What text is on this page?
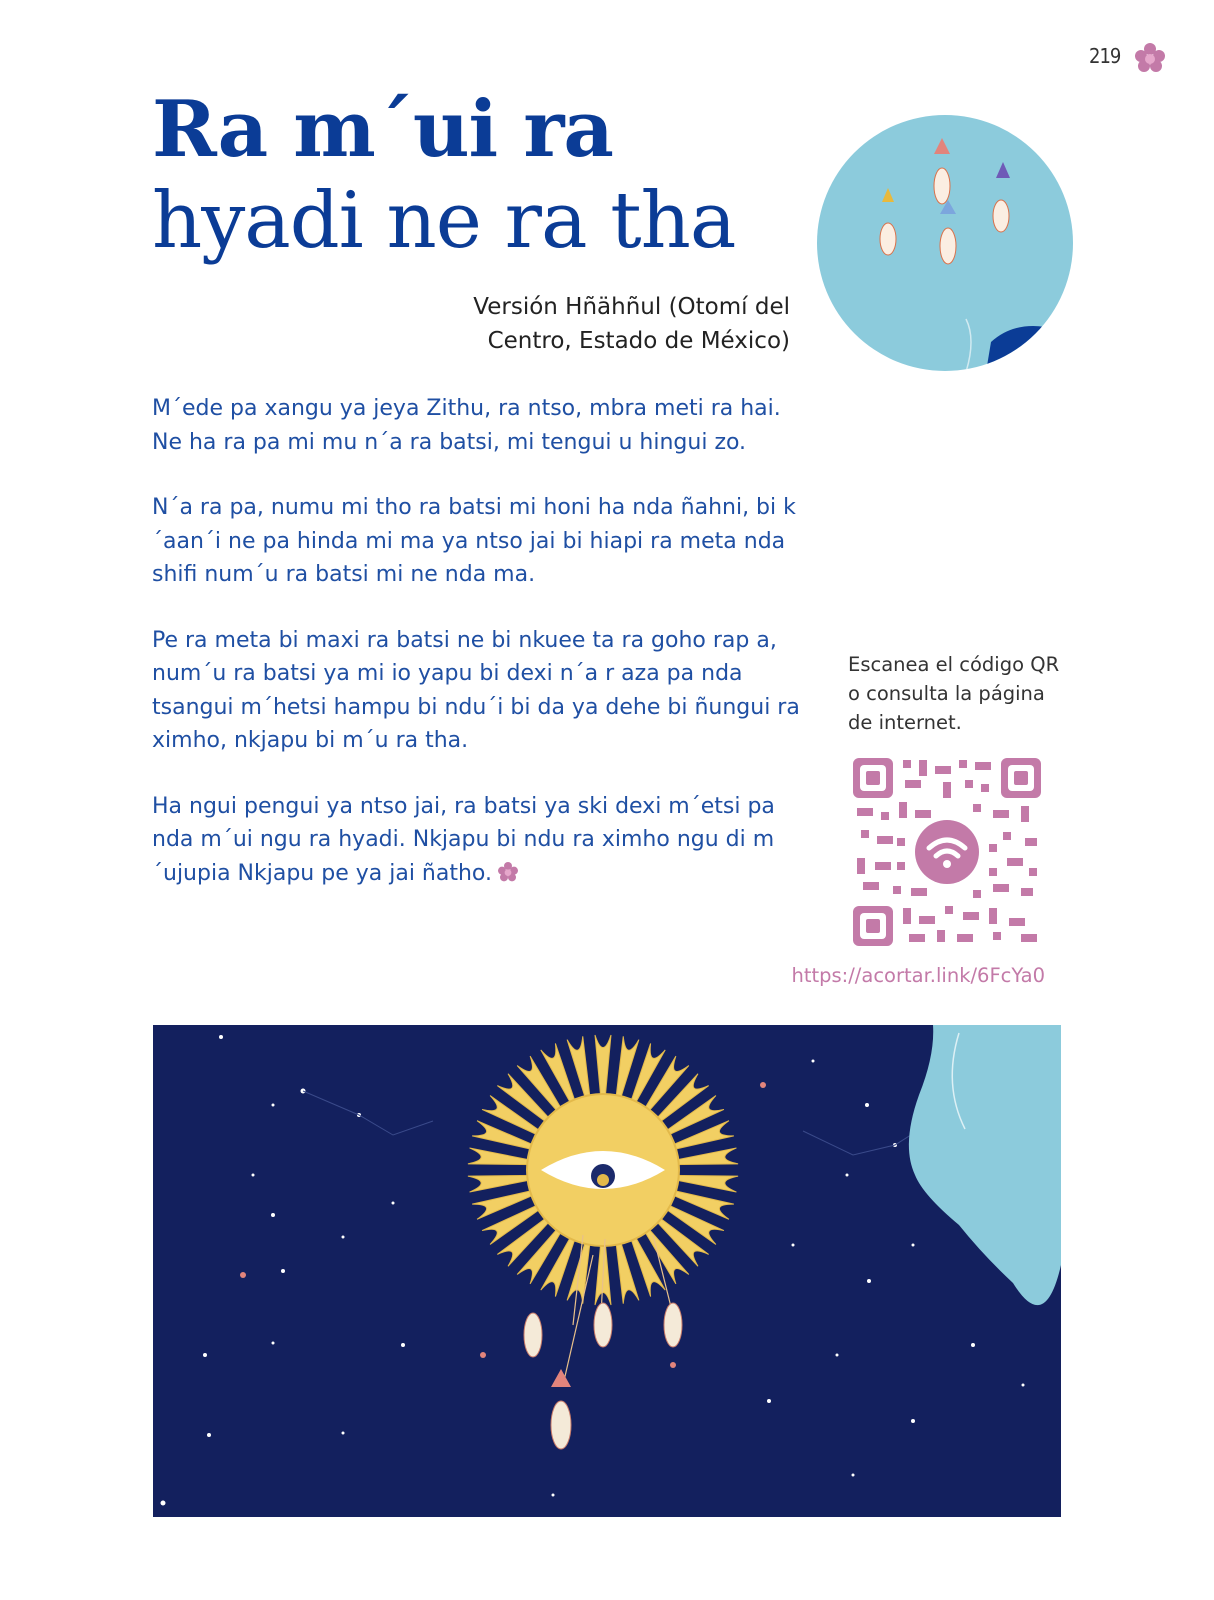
219
Ra m´ui ra
hyadi ne ra tha
Versión Hñähñul (Otomí del
Centro, Estado de México)

M´ede pa xangu ya jeya Zithu, ra ntso, mbra meti ra hai. Ne ha ra pa mi mu n´a ra batsi, mi tengui u hingui zo.

N´a ra pa, numu mi tho ra batsi mi honi ha nda ñahni, bi k´aan´i ne pa hinda mi ma ya ntso jai bi hiapi ra meta nda shifi num´u ra batsi mi ne nda ma.

Pe ra meta bi maxi ra batsi ne bi nkuee ta ra goho rap a, num´u ra batsi ya mi io yapu bi dexi n´a r aza pa nda tsangui m´hetsi hampu bi ndu´i bi da ya dehe bi ñungui ra ximho, nkjapu bi m´u ra tha.

Ha ngui pengui ya ntso jai, ra batsi ya ski dexi m´etsi pa nda m´ui ngu ra hyadi. Nkjapu bi ndu ra ximho ngu di m´ujupia Nkjapu pe ya jai ñatho.

Escanea el código QR o consulta la página de internet.
https://acortar.link/6FcYa0
